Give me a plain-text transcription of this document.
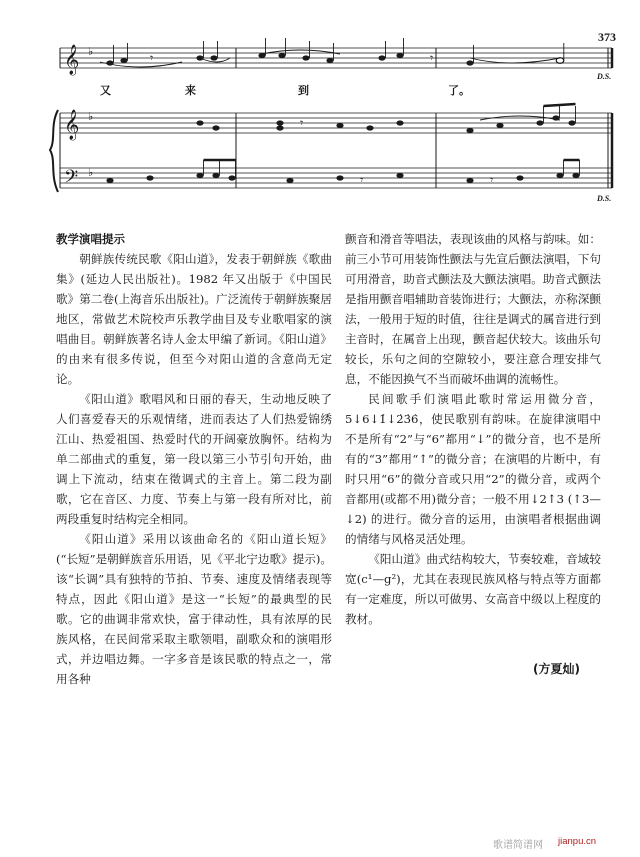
373
𝄞
𝄞
𝄢
♭
♭
♭
𝄾
𝄾
𝄾
𝄾
𝄾
又	来	到	了。
D.S.
D.S.

教学演唱提示

朝鲜族传统民歌《阳山道》，发表于朝鲜族《歌曲集》(延边人民出版社)。1982 年又出版于《中国民歌》第二卷(上海音乐出版社)。广泛流传于朝鲜族聚居地区，常做艺术院校声乐教学曲目及专业歌唱家的演唱曲目。朝鲜族著名诗人金太甲编了新词。《阳山道》的由来有很多传说，但至今对阳山道的含意尚无定论。

《阳山道》歌唱风和日丽的春天，生动地反映了人们喜爱春天的乐观情绪，进而表达了人们热爱锦绣江山、热爱祖国、热爱时代的开阔豪放胸怀。结构为单二部曲式的重复，第一段以第三小节引句开始，曲调上下流动，结束在徵调式的主音上。第二段为副歌，它在音区、力度、节奏上与第一段有所对比，前两段重复时结构完全相同。

《阳山道》采用以该曲命名的《阳山道长短》(“长短”是朝鲜族音乐用语，见《平北宁边歌》提示)。该“长调”具有独特的节拍、节奏、速度及情绪表现等特点，因此《阳山道》是这一“长短”的最典型的民歌。它的曲调非常欢快，富于律动性，具有浓厚的民族风格，在民间常采取主歌领唱，副歌众和的演唱形式，并边唱边舞。一字多音是该民歌的特点之一，常用各种

颤音和滑音等唱法，表现该曲的风格与韵味。如：前三小节可用装饰性颤法与先宣后颤法演唱，下句可用滑音，助音式颤法及大颤法演唱。助音式颤法是指用颤音唱辅助音装饰进行；大颤法，亦称深颤法，一般用于短的时值，往往是调式的属音进行到主音时，在属音上出现，颤音起伏较大。该曲乐句较长，乐句之间的空隙较小，要注意合理安排气息，不能因换气不当而破坏曲调的流畅性。

民间歌手们演唱此歌时常运用微分音，5↓6↓1̇↓2̇3̇6̇，使民歌别有韵味。在旋律演唱中不是所有“2”与“6”都用“↓”的微分音，也不是所有的“3”都用“↑”的微分音；在演唱的片断中，有时只用“6”的微分音或只用“2”的微分音，或两个音都用(或都不用)微分音；一般不用↓2↑3 (↑3—↓2) 的进行。微分音的运用，由演唱者根据曲调的情绪与风格灵活处理。

《阳山道》曲式结构较大，节奏较难，音域较宽(c¹—g²)，尤其在表现民族风格与特点等方面都有一定难度，所以可做男、女高音中级以上程度的教材。

(方夏灿)
歌谱简谱网 jianpu.cn
